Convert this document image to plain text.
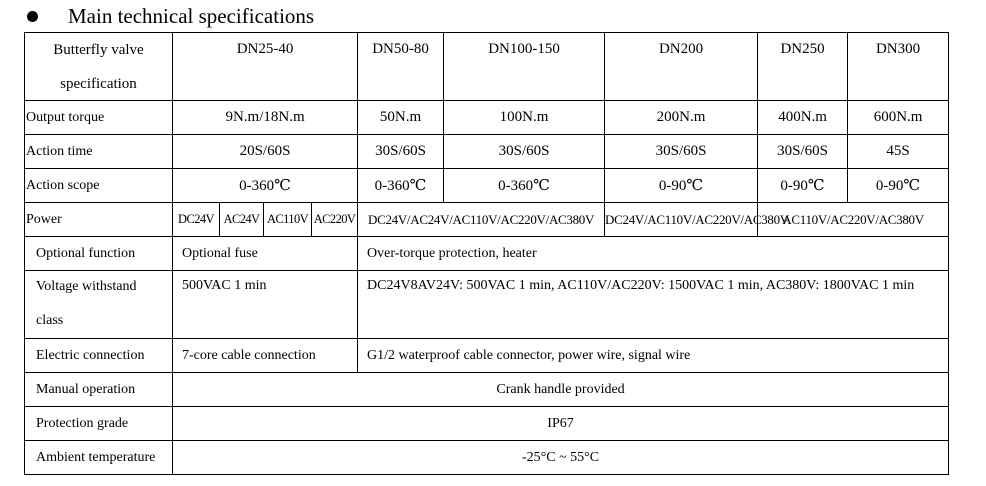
Main technical specifications
Butterfly valve
specification	DN25-40				DN50-80	DN100-150	DN200	DN250	DN300	
Output torque	9N.m/18N.m				50N.m	100N.m	200N.m	400N.m	600N.m	
Action time	20S/60S				30S/60S	30S/60S	30S/60S	30S/60S	45S	
Action scope	0-360℃				0-360℃	0-360℃	0-90℃	0-90℃	0-90℃	
Power	DC24V	AC24V	AC110V	AC220V	DC24V/AC24V/AC110V/AC220V/AC380V		DC24V/AC110V/AC220V/AC380V	AC110V/AC220V/AC380V		
Optional function	Optional fuse				Over-torque protection, heater					

Voltage withstand
class	500VAC 1 min				DC24V8AV24V: 500VAC 1 min, AC110V/AC220V: 1500VAC 1 min, AC380V: 1800VAC 1 min					
Electric connection	7-core cable connection				G1/2 waterproof cable connector, power wire, signal wire					
Manual operation	Crank handle provided									
Protection grade	IP67									
Ambient temperature	-25°C ~ 55°C									
